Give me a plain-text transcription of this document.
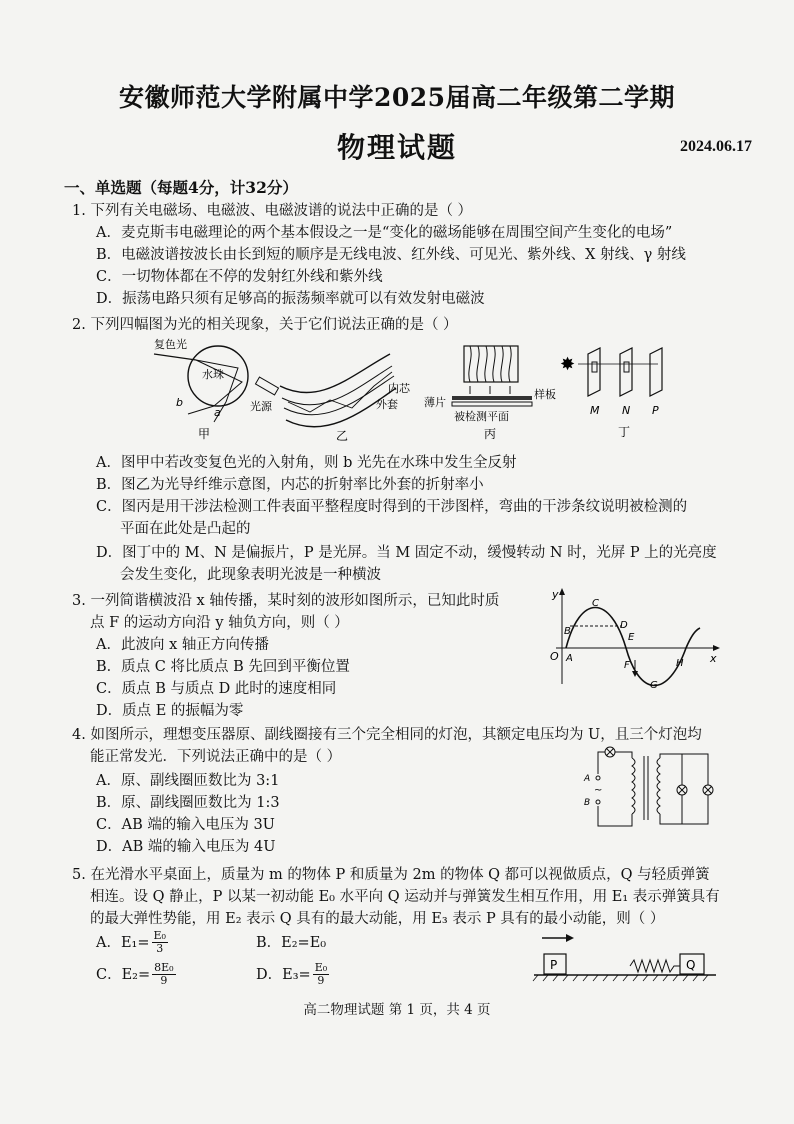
安徽师范大学附属中学2025届高二年级第二学期
物理试题	2024.06.17
一、单选题（每题4分，计32分）
1. 下列有关电磁场、电磁波、电磁波谱的说法中正确的是（ ）
A．麦克斯韦电磁理论的两个基本假设之一是“变化的磁场能够在周围空间产生变化的电场”
B．电磁波谱按波长由长到短的顺序是无线电波、红外线、可见光、紫外线、X 射线、γ 射线
C．一切物体都在不停的发射红外线和紫外线
D．振荡电路只须有足够高的振荡频率就可以有效发射电磁波
2. 下列四幅图为光的相关现象，关于它们说法正确的是（ ）
复色光
水珠
b
a
甲
光源
内芯
外套
乙
薄片
样板
被检测平面
丙
✸
M N P
丁
A．图甲中若改变复色光的入射角，则 b 光先在水珠中发生全反射
B．图乙为光导纤维示意图，内芯的折射率比外套的折射率小
C．图丙是用干涉法检测工件表面平整程度时得到的干涉图样，弯曲的干涉条纹说明被检测的
平面在此处是凸起的
D．图丁中的 M、N 是偏振片，P 是光屏。当 M 固定不动，缓慢转动 N 时，光屏 P 上的光亮度
会发生变化，此现象表明光波是一种横波
3. 一列简谐横波沿 x 轴传播，某时刻的波形如图所示，已知此时质
点 F 的运动方向沿 y 轴负方向，则（ ）
A．此波向 x 轴正方向传播
B．质点 C 将比质点 B 先回到平衡位置
C．质点 B 与质点 D 此时的速度相同
D．质点 E 的振幅为零
y
x
O A
B
C
D
E
F
G
H
4. 如图所示，理想变压器原、副线圈接有三个完全相同的灯泡，其额定电压均为 U，且三个灯泡均
能正常发光．下列说法正确中的是（ ）
A．原、副线圈匝数比为 3:1
B．原、副线圈匝数比为 1:3
C．AB 端的输入电压为 3U
D．AB 端的输入电压为 4U
A
B
~
5. 在光滑水平桌面上，质量为 m 的物体 P 和质量为 2m 的物体 Q 都可以视做质点，Q 与轻质弹簧
相连。设 Q 静止，P 以某一初动能 E₀ 水平向 Q 运动并与弹簧发生相互作用，用 E₁ 表示弹簧具有
的最大弹性势能，用 E₂ 表示 Q 具有的最大动能，用 E₃ 表示 P 具有的最小动能，则（ ）
A．$E_1= \frac{\text{E₀}}{3}$	B．E₂=E₀
C．$E_2= \frac{\text{8E₀}}{9}$	D．$E_3= \frac{\text{E₀}}{9}$	P	Q
高二物理试题 第 1 页，共 4 页
